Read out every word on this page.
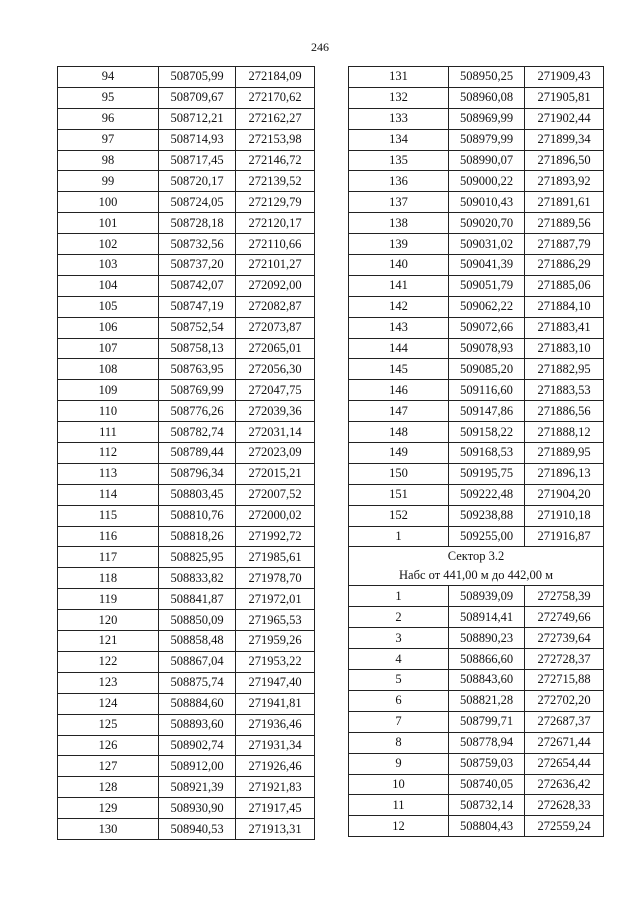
246
94	508705,99	272184,09
95	508709,67	272170,62
96	508712,21	272162,27
97	508714,93	272153,98
98	508717,45	272146,72
99	508720,17	272139,52
100	508724,05	272129,79
101	508728,18	272120,17
102	508732,56	272110,66
103	508737,20	272101,27
104	508742,07	272092,00
105	508747,19	272082,87
106	508752,54	272073,87
107	508758,13	272065,01
108	508763,95	272056,30
109	508769,99	272047,75
110	508776,26	272039,36
111	508782,74	272031,14
112	508789,44	272023,09
113	508796,34	272015,21
114	508803,45	272007,52
115	508810,76	272000,02
116	508818,26	271992,72
117	508825,95	271985,61
118	508833,82	271978,70
119	508841,87	271972,01
120	508850,09	271965,53
121	508858,48	271959,26
122	508867,04	271953,22
123	508875,74	271947,40
124	508884,60	271941,81
125	508893,60	271936,46
126	508902,74	271931,34
127	508912,00	271926,46
128	508921,39	271921,83
129	508930,90	271917,45
130	508940,53	271913,31
131	508950,25	271909,43
132	508960,08	271905,81
133	508969,99	271902,44
134	508979,99	271899,34
135	508990,07	271896,50
136	509000,22	271893,92
137	509010,43	271891,61
138	509020,70	271889,56
139	509031,02	271887,79
140	509041,39	271886,29
141	509051,79	271885,06
142	509062,22	271884,10
143	509072,66	271883,41
144	509078,93	271883,10
145	509085,20	271882,95
146	509116,60	271883,53
147	509147,86	271886,56
148	509158,22	271888,12
149	509168,53	271889,95
150	509195,75	271896,13
151	509222,48	271904,20
152	509238,88	271910,18
1	509255,00	271916,87

Сектор 3.2
Набс от 441,00 м до 442,00 м		

1	508939,09	272758,39
2	508914,41	272749,66
3	508890,23	272739,64
4	508866,60	272728,37
5	508843,60	272715,88
6	508821,28	272702,20
7	508799,71	272687,37
8	508778,94	272671,44
9	508759,03	272654,44
10	508740,05	272636,42
11	508732,14	272628,33
12	508804,43	272559,24
